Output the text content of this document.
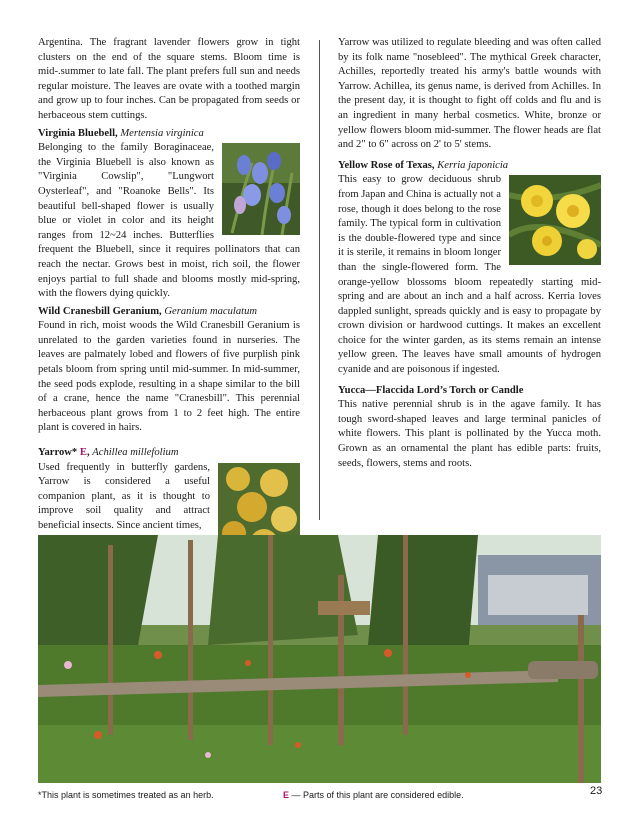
Argentina. The fragrant lavender flowers grow in tight clusters on the end of the square stems. Bloom time is mid-.summer to late fall. The plant prefers full sun and needs regular moisture. The leaves are ovate with a toothed margin and grow up to four inches. Can be propagated from seeds or herbaceous stem cuttings.

Virginia Bluebell, Mertensia virginica

Belonging to the family Boraginaceae, the Virginia Bluebell is also known as "Virginia Cowslip", "Lungwort Oysterleaf", and "Roanoke Bells". Its beautiful bell-shaped flower is usually blue or violet in color and its height ranges from 12~24 inches. Butterflies frequent the Bluebell, since it requires pollinators that can reach the nectar. Grows best in moist, rich soil, the flower enjoys partial to full shade and blooms mostly mid-spring, with the flowers dying quickly.

Wild Cranesbill Geranium, Geranium maculatum

Found in rich, moist woods the Wild Cranesbill Geranium is unrelated to the garden varieties found in nurseries. The leaves are palmately lobed and flowers of five purplish pink petals bloom from spring until mid-summer. In mid-summer, the seed pods explode, resulting in a shape similar to the bill of a crane, hence the name "Cranesbill". This perennial herbaceous plant grows from 1 to 2 feet high. The entire plant is covered in hairs.

Yarrow* E, Achillea millefolium

Used frequently in butterfly gardens, Yarrow is considered a useful companion plant, as it is thought to improve soil quality and attract beneficial insects. Since ancient times,

Yarrow was utilized to regulate bleeding and was often called by its folk name "nosebleed". The mythical Greek character, Achilles, reportedly treated his army's battle wounds with Yarrow. Achillea, its genus name, is derived from Achilles. In the present day, it is thought to fight off colds and flu and is an ingredient in many herbal cosmetics. White, bronze or yellow flowers bloom mid-summer. The flower heads are flat and 2" to 6" across on 2' to 5' stems.

Yellow Rose of Texas, Kerria japonicia

This easy to grow deciduous shrub from Japan and China is actually not a rose, though it does belong to the rose family. The typical form in cultivation is the double-flowered type and since it is sterile, it remains in bloom longer than the single-flowered form. The orange-yellow blossoms bloom repeatedly starting mid-spring and are about an inch and a half across. Kerria loves dappled sunlight, spreads quickly and is easy to propagate by crown division or hardwood cuttings. It makes an excellent choice for the winter garden, as its stems remain an intense yellow green. The leaves have small amounts of hydrogen cyanide and are poisonous if ingested.

Yucca—Flaccida Lord’s Torch or Candle

This native perennial shrub is in the agave family. It has tough sword-shaped leaves and large terminal panicles of white flowers. This plant is pollinated by the Yucca moth. Grown as an ornamental the plant has edible parts: fruits, seeds, flowers, stems and roots.

*This plant is sometimes treated as an herb.	E — Parts of this plant are considered edible.	23
